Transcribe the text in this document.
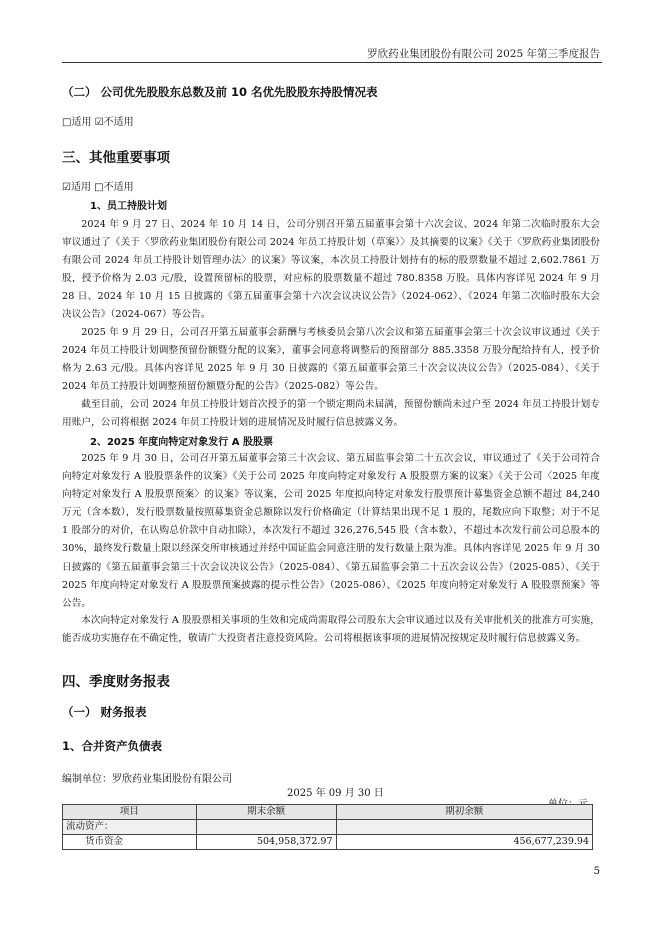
罗欣药业集团股份有限公司 2025 年第三季度报告
（二） 公司优先股股东总数及前 10 名优先股股东持股情况表
□适用 ☑不适用
三、其他重要事项
☑适用 □不适用
1、员工持股计划

2024 年 9 月 27 日、2024 年 10 月 14 日，公司分别召开第五届董事会第十六次会议、2024 年第二次临时股东大会审议通过了《关于〈罗欣药业集团股份有限公司 2024 年员工持股计划（草案）〉及其摘要的议案》《关于〈罗欣药业集团股份有限公司 2024 年员工持股计划管理办法〉的议案》等议案，本次员工持股计划持有的标的股票数量不超过 2,602.7861 万股，授予价格为 2.03 元/股，设置预留标的股票，对应标的股票数量不超过 780.8358 万股。具体内容详见 2024 年 9 月 28 日、2024 年 10 月 15 日披露的《第五届董事会第十六次会议决议公告》（2024-062）、《2024 年第二次临时股东大会决议公告》（2024-067）等公告。

2025 年 9 月 29 日，公司召开第五届董事会薪酬与考核委员会第八次会议和第五届董事会第三十次会议审议通过《关于 2024 年员工持股计划调整预留份额暨分配的议案》，董事会同意将调整后的预留部分 885.3358 万股分配给持有人，授予价格为 2.63 元/股。具体内容详见 2025 年 9 月 30 日披露的《第五届董事会第三十次会议决议公告》（2025-084）、《关于 2024 年员工持股计划调整预留份额暨分配的公告》（2025-082）等公告。

截至目前，公司 2024 年员工持股计划首次授予的第一个锁定期尚未届满，预留份额尚未过户至 2024 年员工持股计划专用账户，公司将根据 2024 年员工持股计划的进展情况及时履行信息披露义务。

2、2025 年度向特定对象发行 A 股股票

2025 年 9 月 30 日，公司召开第五届董事会第三十次会议、第五届监事会第二十五次会议，审议通过了《关于公司符合向特定对象发行 A 股股票条件的议案》《关于公司 2025 年度向特定对象发行 A 股股票方案的议案》《关于公司〈2025 年度向特定对象发行 A 股股票预案〉的议案》等议案，公司 2025 年度拟向特定对象发行股票预计募集资金总额不超过 84,240 万元（含本数），发行股票数量按照募集资金总额除以发行价格确定（计算结果出现不足 1 股的，尾数应向下取整；对于不足 1 股部分的对价，在认购总价款中自动扣除），本次发行不超过 326,276,545 股（含本数），不超过本次发行前公司总股本的 30%，最终发行数量上限以经深交所审核通过并经中国证监会同意注册的发行数量上限为准。具体内容详见 2025 年 9 月 30 日披露的《第五届董事会第三十次会议决议公告》（2025-084）、《第五届监事会第二十五次会议公告》（2025-085）、《关于 2025 年度向特定对象发行 A 股股票预案披露的提示性公告》（2025-086）、《2025 年度向特定对象发行 A 股股票预案》等公告。

本次向特定对象发行 A 股股票相关事项的生效和完成尚需取得公司股东大会审议通过以及有关审批机关的批准方可实施，能否成功实施存在不确定性，敬请广大投资者注意投资风险。公司将根据该事项的进展情况按规定及时履行信息披露义务。

四、季度财务报表
（一） 财务报表
1、合并资产负债表
编制单位：罗欣药业集团股份有限公司
2025 年 09 月 30 日
项目	期末余额	期初余额
流动资产：		
货币资金	504,958,372.97	456,677,239.94
5
